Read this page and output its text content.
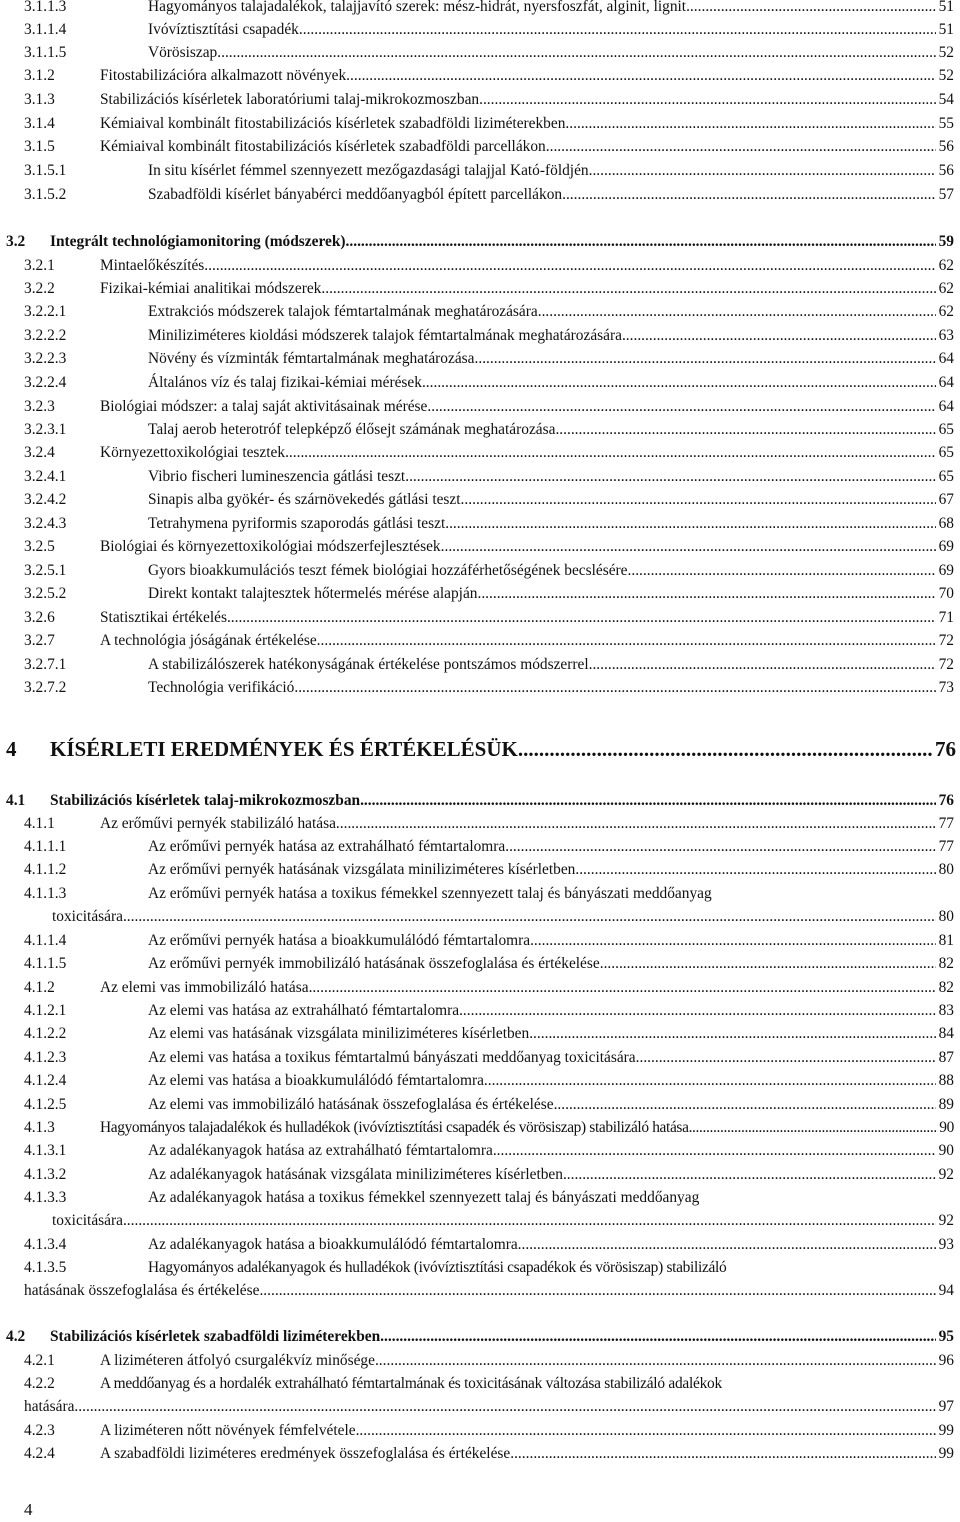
3.1.1.3	Hagyományos talajadalékok, talajjavító szerek: mész-hidrát, nyersfoszfát, alginit, lignit .....	51
3.1.1.4	Ivóvíztisztítási csapadék .....	51
3.1.1.5	Vörösiszap .....	52
3.1.2	Fitostabilizációra alkalmazott növények .....	52
3.1.3	Stabilizációs kísérletek laboratóriumi talaj-mikrokozmoszban .....	54
3.1.4	Kémiaival kombinált fitostabilizációs kísérletek szabadföldi liziméterekben .....	55
3.1.5	Kémiaival kombinált fitostabilizációs kísérletek szabadföldi parcellákon .....	56
3.1.5.1	In situ kísérlet fémmel szennyezett mezőgazdasági talajjal Kató-földjén .....	56
3.1.5.2	Szabadföldi kísérlet bányabérci meddőanyagból épített parcellákon .....	57
3.2 Integrált technológiamonitoring (módszerek) .....	59
3.2.1	Mintaelőkészítés .....	62
3.2.2	Fizikai-kémiai analitikai módszerek .....	62
3.2.2.1	Extrakciós módszerek talajok fémtartalmának meghatározására .....	62
3.2.2.2	Miniliziméteres kioldási módszerek talajok fémtartalmának meghatározására .....	63
3.2.2.3	Növény és vízminták fémtartalmának meghatározása .....	64
3.2.2.4	Általános víz és talaj fizikai-kémiai mérések .....	64
3.2.3	Biológiai módszer: a talaj saját aktivitásainak mérése .....	64
3.2.3.1	Talaj aerob heterotróf telepképző élősejt számának meghatározása .....	65
3.2.4	Környezettoxikológiai tesztek .....	65
3.2.4.1	Vibrio fischeri lumineszencia gátlási teszt .....	65
3.2.4.2	Sinapis alba gyökér- és szárnövekedés gátlási teszt .....	67
3.2.4.3	Tetrahymena pyriformis szaporodás gátlási teszt .....	68
3.2.5	Biológiai és környezettoxikológiai módszerfejlesztések .....	69
3.2.5.1	Gyors bioakkumulációs teszt fémek biológiai hozzáférhetőségének becslésére .....	69
3.2.5.2	Direkt kontakt talajtesztek hőtermelés mérése alapján .....	70
3.2.6	Statisztikai értékelés .....	71
3.2.7	A technológia jóságának értékelése .....	72
3.2.7.1	A stabilizálószerek hatékonyságának értékelése pontszámos módszerrel .....	72
3.2.7.2	Technológia verifikáció .....	73
4 KÍSÉRLETI EREDMÉNYEK ÉS ÉRTÉKELÉSÜK .....	76
4.1 Stabilizációs kísérletek talaj-mikrokozmoszban .....	76
4.1.1	Az erőművi pernyék stabilizáló hatása .....	77
4.1.1.1	Az erőművi pernyék hatása az extrahálható fémtartalomra .....	77
4.1.1.2	Az erőművi pernyék hatásának vizsgálata miniliziméteres kísérletben .....	80
4.1.1.3	Az erőművi pernyék hatása a toxikus fémekkel szennyezett talaj és bányászati meddőanyag
toxicitására .....	80
4.1.1.4	Az erőművi pernyék hatása a bioakkumulálódó fémtartalomra .....	81
4.1.1.5	Az erőművi pernyék immobilizáló hatásának összefoglalása és értékelése .....	82
4.1.2	Az elemi vas immobilizáló hatása .....	82
4.1.2.1	Az elemi vas hatása az extrahálható fémtartalomra .....	83
4.1.2.2	Az elemi vas hatásának vizsgálata miniliziméteres kísérletben .....	84
4.1.2.3	Az elemi vas hatása a toxikus fémtartalmú bányászati meddőanyag toxicitására .....	87
4.1.2.4	Az elemi vas hatása a bioakkumulálódó fémtartalomra .....	88
4.1.2.5	Az elemi vas immobilizáló hatásának összefoglalása és értékelése .....	89
4.1.3	Hagyományos talajadalékok és hulladékok (ivóvíztisztítási csapadék és vörösiszap) stabilizáló hatása .....	90
4.1.3.1	Az adalékanyagok hatása az extrahálható fémtartalomra .....	90
4.1.3.2	Az adalékanyagok hatásának vizsgálata miniliziméteres kísérletben .....	92
4.1.3.3	Az adalékanyagok hatása a toxikus fémekkel szennyezett talaj és bányászati meddőanyag
toxicitására .....	92
4.1.3.4	Az adalékanyagok hatása a bioakkumulálódó fémtartalomra .....	93
4.1.3.5	Hagyományos adalékanyagok és hulladékok (ivóvíztisztítási csapadékok és vörösiszap) stabilizáló
hatásának összefoglalása és értékelése .....	94
4.2 Stabilizációs kísérletek szabadföldi liziméterekben .....	95
4.2.1	A liziméteren átfolyó csurgalékvíz minősége .....	96
4.2.2	A meddőanyag és a hordalék extrahálható fémtartalmának és toxicitásának változása stabilizáló adalékok
hatására .....	97
4.2.3	A liziméteren nőtt növények fémfelvétele .....	99
4.2.4	A szabadföldi liziméteres eredmények összefoglalása és értékelése .....	99
4
